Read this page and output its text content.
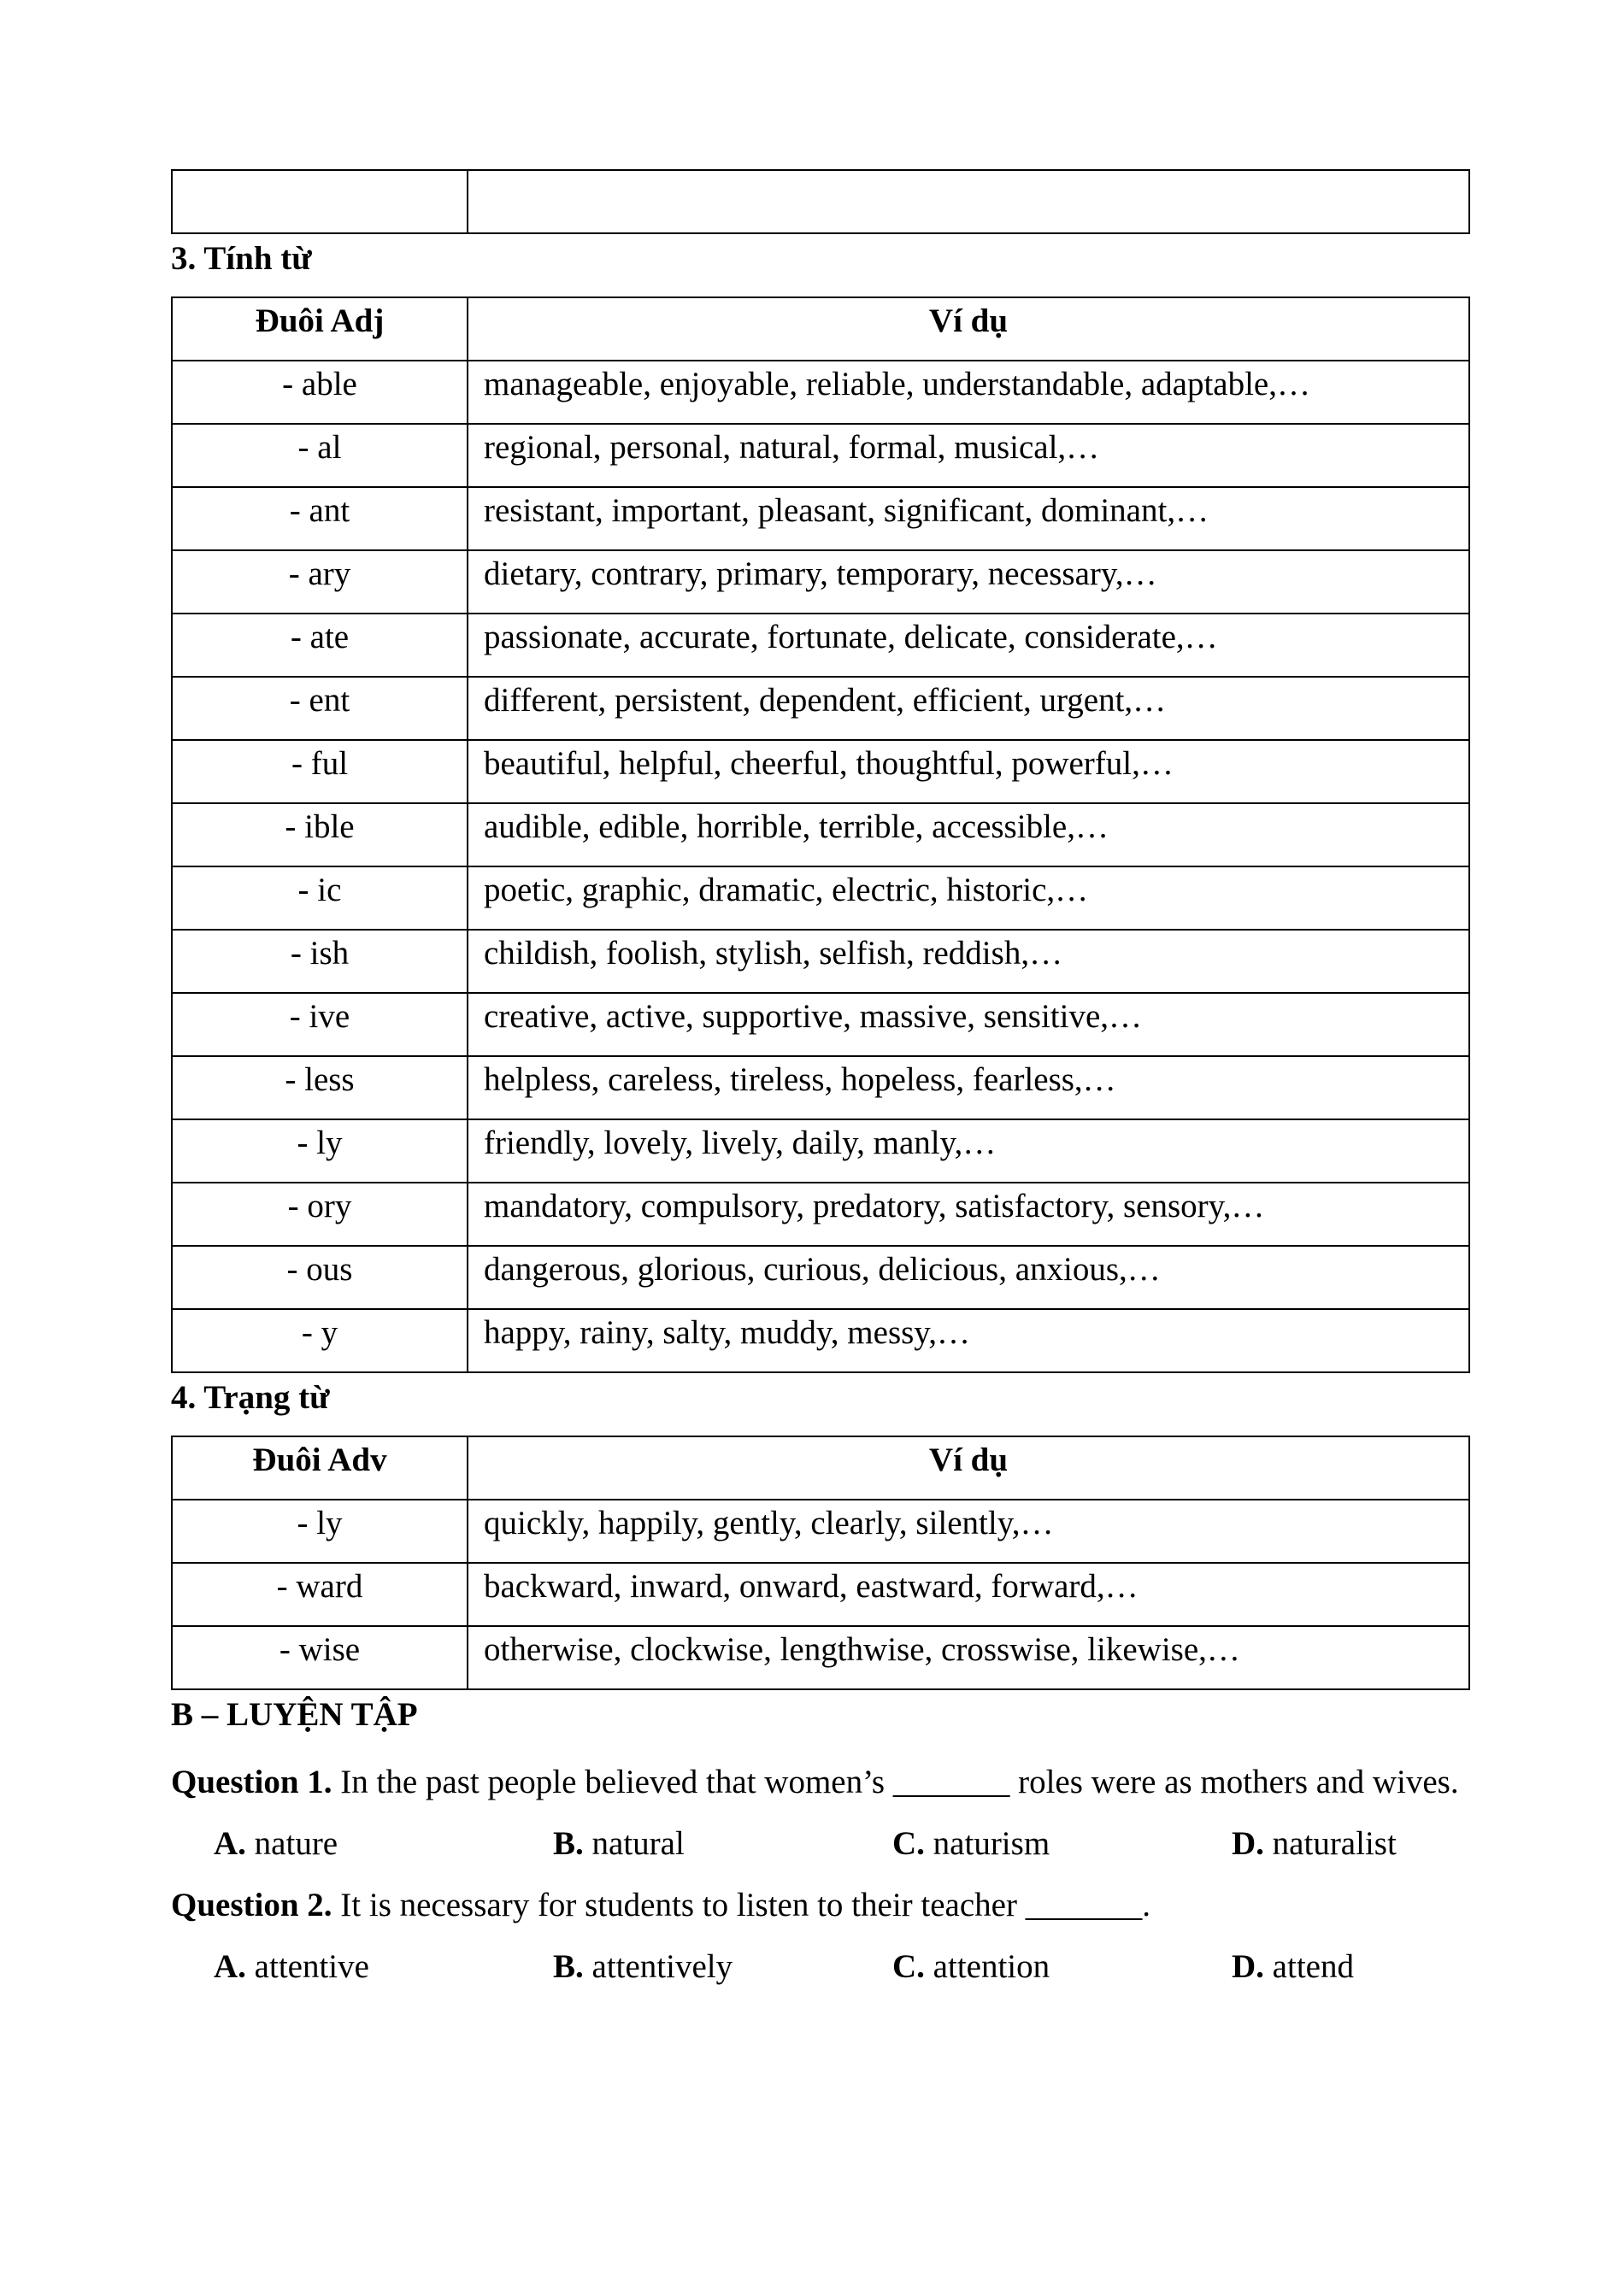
3. Tính từ
Đuôi Adj	Ví dụ
- able	manageable, enjoyable, reliable, understandable, adaptable,…
- al	regional, personal, natural, formal, musical,…
- ant	resistant, important, pleasant, significant, dominant,…
- ary	dietary, contrary, primary, temporary, necessary,…
- ate	passionate, accurate, fortunate, delicate, considerate,…
- ent	different, persistent, dependent, efficient, urgent,…
- ful	beautiful, helpful, cheerful, thoughtful, powerful,…
- ible	audible, edible, horrible, terrible, accessible,…
- ic	poetic, graphic, dramatic, electric, historic,…
- ish	childish, foolish, stylish, selfish, reddish,…
- ive	creative, active, supportive, massive, sensitive,…
- less	helpless, careless, tireless, hopeless, fearless,…
- ly	friendly, lovely, lively, daily, manly,…
- ory	mandatory, compulsory, predatory, satisfactory, sensory,…
- ous	dangerous, glorious, curious, delicious, anxious,…
- y	happy, rainy, salty, muddy, messy,…
4. Trạng từ
Đuôi Adv	Ví dụ
- ly	quickly, happily, gently, clearly, silently,…
- ward	backward, inward, onward, eastward, forward,…
- wise	otherwise, clockwise, lengthwise, crosswise, likewise,…
B – LUYỆN TẬP
Question 1. In the past people believed that women’s _______ roles were as mothers and wives.
A. nature	B. natural	C. naturism	D. naturalist
Question 2. It is necessary for students to listen to their teacher _______.
A. attentive	B. attentively	C. attention	D. attend
